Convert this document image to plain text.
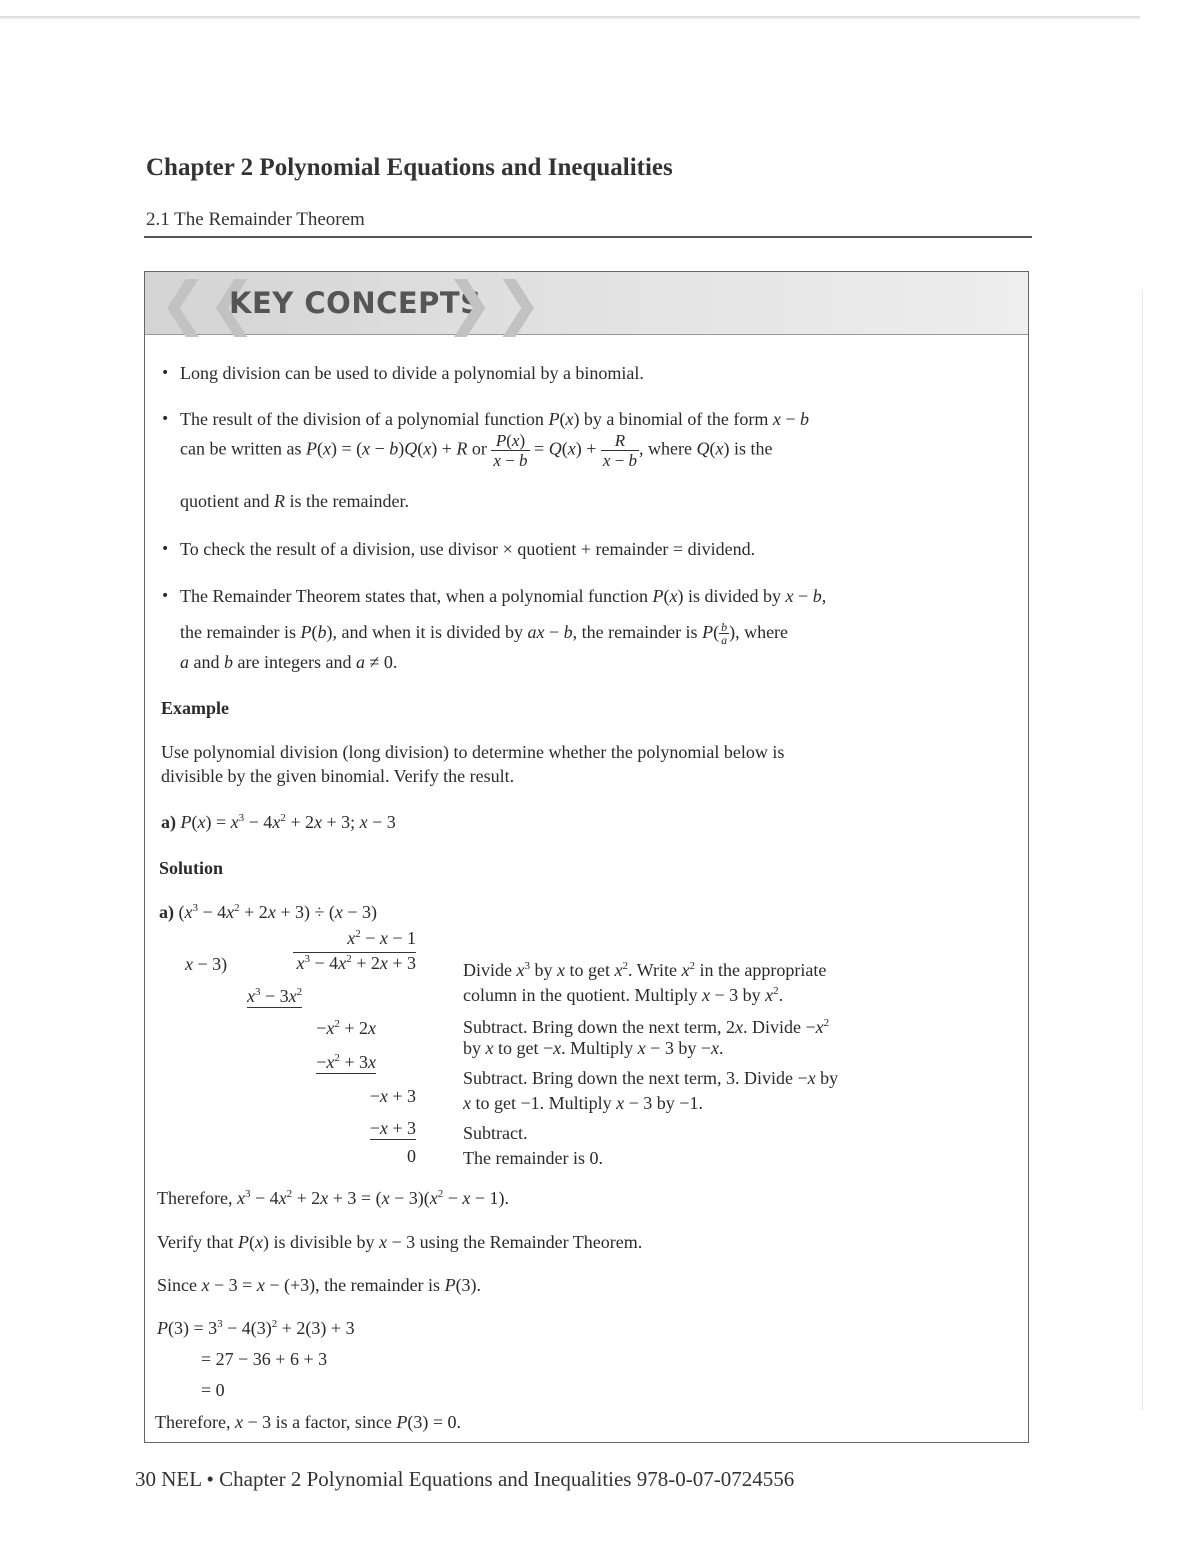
Chapter 2 Polynomial Equations and Inequalities
2.1 The Remainder Theorem
❮❮
KEY CONCEPTS
❯❯
• Long division can be used to divide a polynomial by a binomial.
• The result of the division of a polynomial function P(x) by a binomial of the form x − b
can be written as P(x) = (x − b)Q(x) + R or $\frac{P(x)}{x - b} = Q(x) + \frac{R}{x - b}$ , where Q(x) is the
quotient and R is the remainder.
• To check the result of a division, use divisor × quotient + remainder = dividend.
• The Remainder Theorem states that, when a polynomial function P(x) is divided by x − b,
the remainder is P(b), and when it is divided by ax − b, the remainder is $P( \frac{b}{a}$ ), where
a and b are integers and a ≠ 0.
Example
Use polynomial division (long division) to determine whether the polynomial below is
divisible by the given binomial. Verify the result.
a) $P(x) = x^3 - 4x^2 + 2x + 3$; x − 3
Solution
a) $(x^3 - 4x^2 + 2x + 3) \div (x - 3)$
$x^2 - x - 1$
x − 3)	$x^3 - 4x^2 + 2x + 3$
$x^3 - 3x^2$
$-x^2 + 2x$
$-x^2 + 3x$
−x + 3
−x + 3
0
Divide $x^3$ by x to get $x^2$. Write $x^2$ in the appropriate
column in the quotient. Multiply x − 3 by $x^2$.
Subtract. Bring down the next term, 2x. Divide $-x^2$
by x to get −x. Multiply x − 3 by −x.
Subtract. Bring down the next term, 3. Divide −x by
x to get −1. Multiply x − 3 by −1.
Subtract.
The remainder is 0.
Therefore, $x^3 - 4x^2 + 2x + 3 = (x - 3)(x^2 - x - 1)$.
Verify that P(x) is divisible by x − 3 using the Remainder Theorem.
Since x − 3 = x − (+3), the remainder is P(3).
$P(3) = 3^3 - 4(3)^2 + 2(3) + 3$
= 27 − 36 + 6 + 3
= 0
Therefore, x − 3 is a factor, since P(3) = 0.
30 NEL • Chapter 2 Polynomial Equations and Inequalities 978-0-07-0724556
